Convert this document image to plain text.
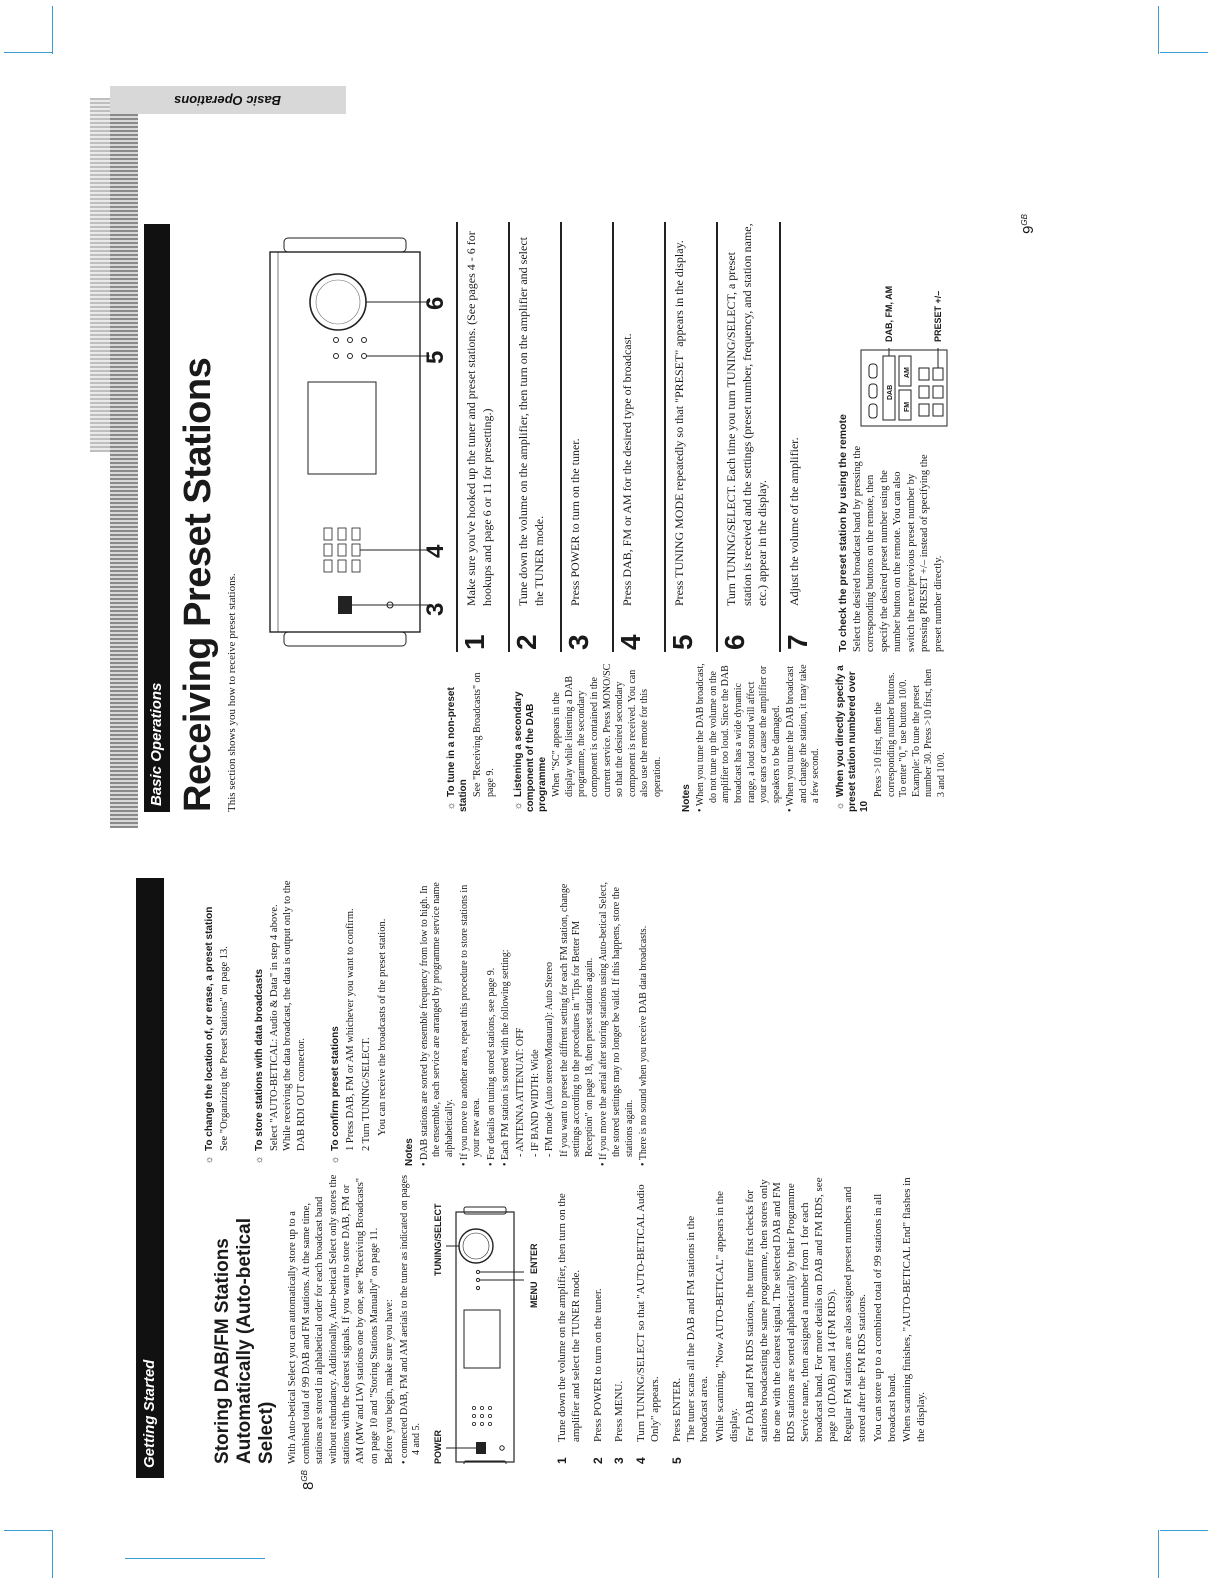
Getting Started
$8^{GB}$
Storing DAB/FM Stations Automatically (Auto-betical Select) With Auto-betical Select you can automatically store up to a combined total of 99 DAB and FM stations. At the same time, stations are stored in alphabetical order for each broadcast band without redundancy. Additionally, Auto-betical Select only stores the stations with the clearest signals. If you want to store DAB, FM or AM (MW and LW) stations one by one, see "Receiving Broadcasts" on page 10 and "Storing Stations Manually" on page 11. Before you begin, make sure you have: • connected DAB, FM and AM aerials to the tuner as indicated on pages 4 and 5. POWER
TUNING/SELECT
MENU
ENTER
1
Tune down the volume on the amplifier, then turn on the amplifier and select the TUNER mode.
2
Press POWER to turn on the tuner.
3
Press MENU.
4
Turn TUNING/SELECT so that "AUTO-BETICAL Audio Only" appears.
5
Press ENTER. The tuner scans all the DAB and FM stations in the broadcast area. While scanning, "Now AUTO-BETICAL" appears in the display. For DAB and FM RDS stations, the tuner first checks for stations broadcasting the same programme, then stores only the one with the clearest signal. The selected DAB and FM RDS stations are sorted alphabetically by their Programme Service name, then assigned a number from 1 for each broadcast band. For more details on DAB and FM RDS, see page 10 (DAB) and 14 (FM RDS). Regular FM stations are also assigned preset numbers and stored after the FM RDS stations. You can store up to a combined total of 99 stations in all broadcast band. When scanning finishes, "AUTO-BETICAL End" flashes in the display.

☼To change the location of, or erase, a preset station See "Organizing the Preset Stations" on page 13.

☼To store stations with data broadcasts Select "AUTO-BETICAL: Audio & Data" in step 4 above. While receiving the data broadcast, the data is output only to the DAB RDI OUT connector.

☼To confirm preset stations 1 Press DAB, FM or AM whichever you want to confirm. 2 Turn TUNING/SELECT. You can receive the broadcasts of the preset station.

Notes • DAB stations are sorted by ensemble frequency from low to high. In the ensemble, each service are arranged by programme service name alphabetically.

• If you move to another area, repeat this procedure to store stations in your new area.

• For details on tuning stored stations, see page 9.

• Each FM station is stored with the following setting: - ANTENNA ATTENUAT: OFF - IF BAND WIDTH: Wide - FM mode (Auto stereo/Monaural): Auto Stereo If you want to preset the diffrent setting for each FM station, change settings according to the procedures in "Tips for Better FM Reception" on page 18, then preset stations again.

• If you move the aerial after storing stations using Auto-betical Select, the stored settings may no longer be valid. If this happens, store the stations again.

• There is no sound when you receive DAB data broadcasts.

Basic Operations
$9^{GB}$
Basic Operations Receiving Preset Stations This section shows you how to receive preset stations.	☼To tune in a non-preset station See "Receiving Broadcasts" on page 9.

☼Listening a secondary component of the DAB programme When "SC" appears in the display while listening a DAB programme, the secondary component is contained in the current service. Press MONO/SC so that the desired secondary component is received. You can also use the remote for this operation.

Notes • When you tune the DAB broadcast, do not tune up the volume on the amplifier too loud. Since the DAB broadcast has a wide dynamic range, a loud sound will affect your ears or cause the amplifier or speakers to be damaged.

• When you tune the DAB broadcast and change the station, it may take a few second.

☼When you directly specify a preset station numbered over 10

Press >10 first, then the corresponding number buttons. To enter "0," use button 10/0. Example: To tune the preset number 30. Press >10 first, then 3 and 10/0.

3
4
5
6
1
Make sure you've hooked up the tuner and preset stations. (See pages 4 - 6 for hookups and page 6 or 11 for presetting.)
2
Tune down the volume on the amplifier, then turn on the amplifier and select the TUNER mode.
3
Press POWER to turn on the tuner.
4
Press DAB, FM or AM for the desired type of broadcast.
5
Press TUNING MODE repeatedly so that "PRESET" appears in the display.
6
Turn TUNING/SELECT. Each time you turn TUNING/SELECT, a preset station is received and the settings (preset number, frequency, and station name, etc.) appear in the display.
7
Adjust the volume of the amplifier.	To check the preset station by using the remote Select the desired broadcast band by pressing the corresponding buttons on the remote, then specify the desired preset number using the number button on the remote. You can also switch the next/previous preset number by pressing PRESET +/– instead of specifying the preset number directly.

DAB
FM
AM
DAB, FM, AM	PRESET +/–
